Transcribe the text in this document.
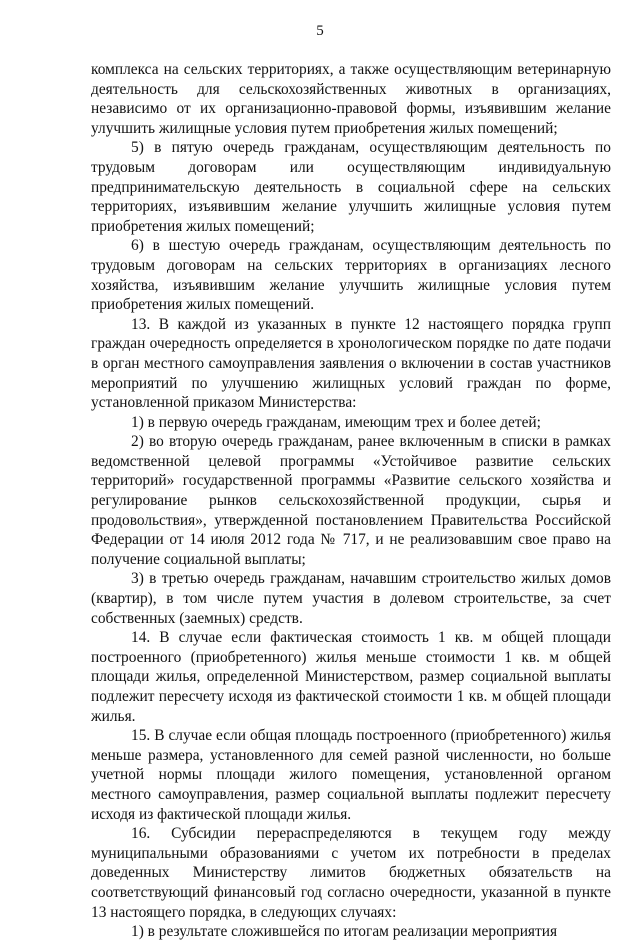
5

комплекса на сельских территориях, а также осуществляющим ветеринарную деятельность для сельскохозяйственных животных в организациях, независимо от их организационно-правовой формы, изъявившим желание улучшить жилищные условия путем приобретения жилых помещений;

5) в пятую очередь гражданам, осуществляющим деятельность по трудовым договорам или осуществляющим индивидуальную предпринимательскую деятельность в социальной сфере на сельских территориях, изъявившим желание улучшить жилищные условия путем приобретения жилых помещений;

6) в шестую очередь гражданам, осуществляющим деятельность по трудовым договорам на сельских территориях в организациях лесного хозяйства, изъявившим желание улучшить жилищные условия путем приобретения жилых помещений.

13. В каждой из указанных в пункте 12 настоящего порядка групп граждан очередность определяется в хронологическом порядке по дате подачи в орган местного самоуправления заявления о включении в состав участников мероприятий по улучшению жилищных условий граждан по форме, установленной приказом Министерства:

1) в первую очередь гражданам, имеющим трех и более детей;

2) во вторую очередь гражданам, ранее включенным в списки в рамках ведомственной целевой программы «Устойчивое развитие сельских территорий» государственной программы «Развитие сельского хозяйства и регулирование рынков сельскохозяйственной продукции, сырья и продовольствия», утвержденной постановлением Правительства Российской Федерации от 14 июля 2012 года № 717, и не реализовавшим свое право на получение социальной выплаты;

3) в третью очередь гражданам, начавшим строительство жилых домов (квартир), в том числе путем участия в долевом строительстве, за счет собственных (заемных) средств.

14. В случае если фактическая стоимость 1 кв. м общей площади построенного (приобретенного) жилья меньше стоимости 1 кв. м общей площади жилья, определенной Министерством, размер социальной выплаты подлежит пересчету исходя из фактической стоимости 1 кв. м общей площади жилья.

15. В случае если общая площадь построенного (приобретенного) жилья меньше размера, установленного для семей разной численности, но больше учетной нормы площади жилого помещения, установленной органом местного самоуправления, размер социальной выплаты подлежит пересчету исходя из фактической площади жилья.

16. Субсидии перераспределяются в текущем году между муниципальными образованиями с учетом их потребности в пределах доведенных Министерству лимитов бюджетных обязательств на соответствующий финансовый год согласно очередности, указанной в пункте 13 настоящего порядка, в следующих случаях:

1) в результате сложившейся по итогам реализации мероприятия
